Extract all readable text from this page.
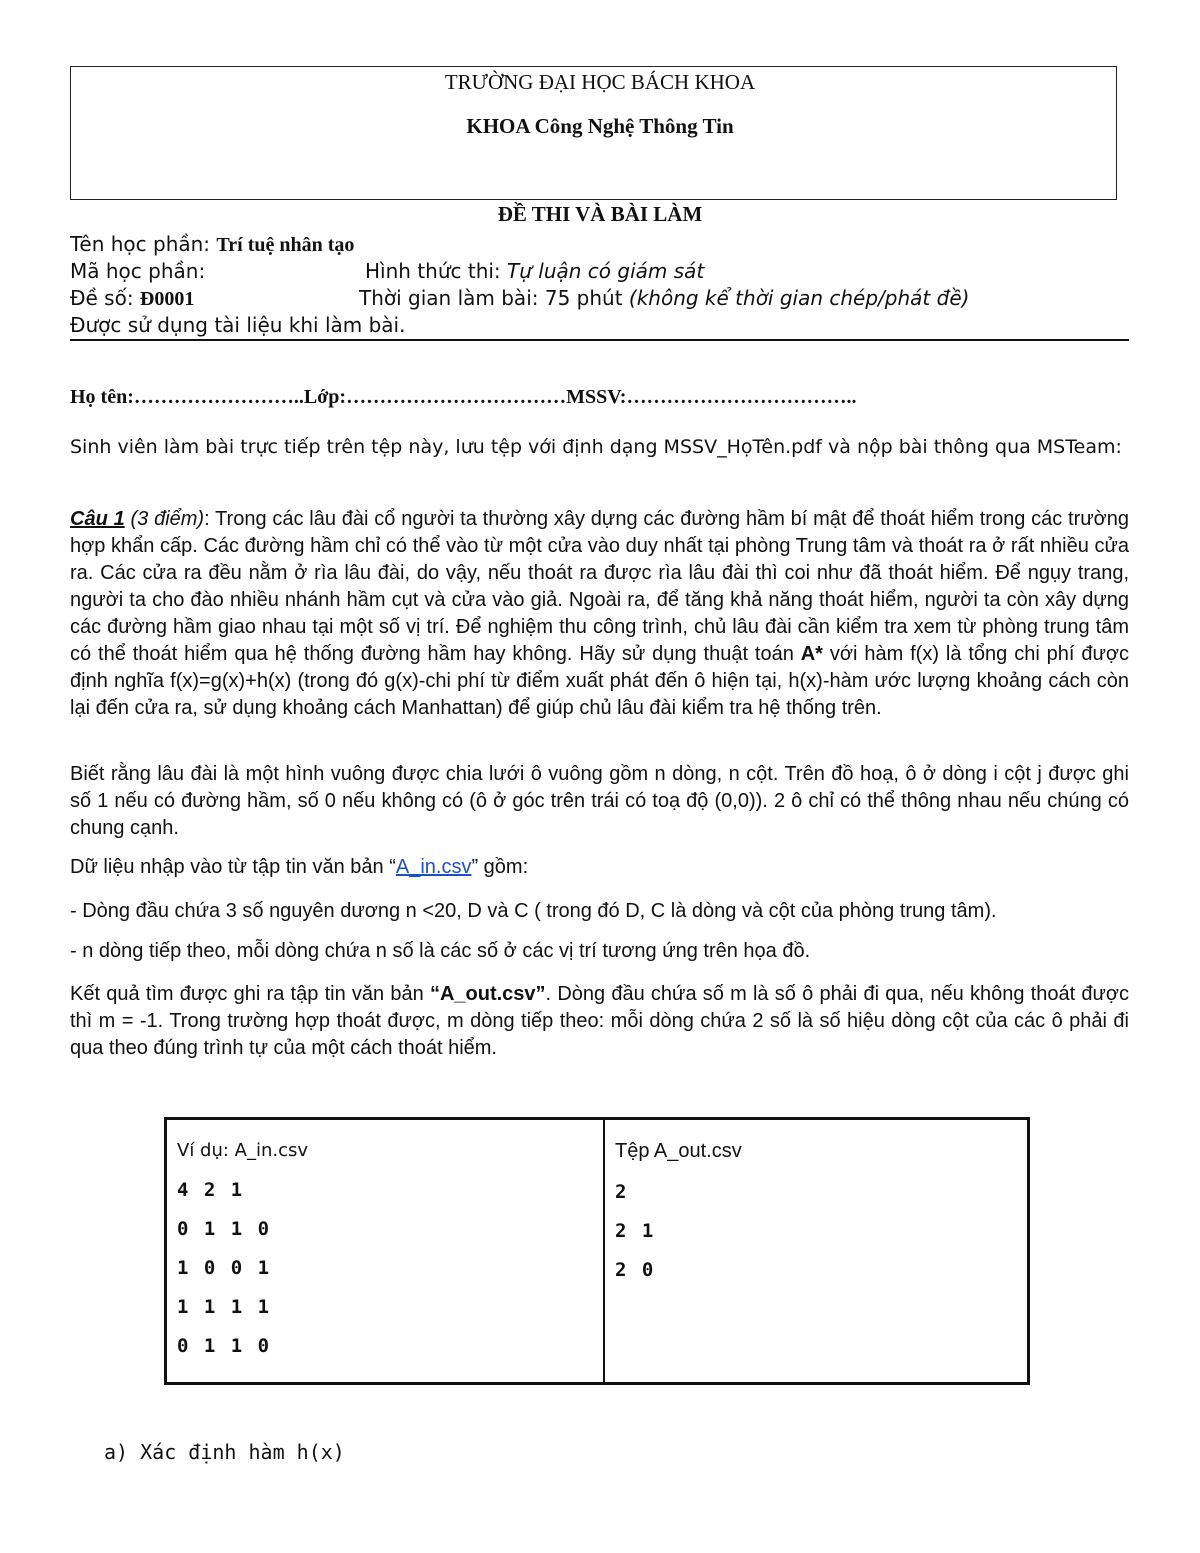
TRƯỜNG ĐẠI HỌC BÁCH KHOA
KHOA Công Nghệ Thông Tin
ĐỀ THI VÀ BÀI LÀM
Tên học phần: Trí tuệ nhân tạo
Mã học phần:	Hình thức thi: Tự luận có giám sát
Đề số: Đ0001	Thời gian làm bài: 75 phút (không kể thời gian chép/phát đề)
Được sử dụng tài liệu khi làm bài.
Họ tên:……………………..Lớp:……………………………MSSV:……………………………..

Sinh viên làm bài trực tiếp trên tệp này, lưu tệp với định dạng MSSV_HọTên.pdf và nộp bài thông qua MSTeam:

Câu 1 (3 điểm): Trong các lâu đài cổ người ta thường xây dựng các đường hầm bí mật để thoát hiểm trong các trường hợp khẩn cấp. Các đường hầm chỉ có thể vào từ một cửa vào duy nhất tại phòng Trung tâm và thoát ra ở rất nhiều cửa ra. Các cửa ra đều nằm ở rìa lâu đài, do vậy, nếu thoát ra được rìa lâu đài thì coi như đã thoát hiểm. Để ngụy trang, người ta cho đào nhiều nhánh hầm cụt và cửa vào giả. Ngoài ra, để tăng khả năng thoát hiểm, người ta còn xây dựng các đường hầm giao nhau tại một số vị trí. Để nghiệm thu công trình, chủ lâu đài cần kiểm tra xem từ phòng trung tâm có thể thoát hiểm qua hệ thống đường hầm hay không. Hãy sử dụng thuật toán A* với hàm f(x) là tổng chi phí được định nghĩa f(x)=g(x)+h(x) (trong đó g(x)-chi phí từ điểm xuất phát đến ô hiện tại, h(x)-hàm ước lượng khoảng cách còn lại đến cửa ra, sử dụng khoảng cách Manhattan) để giúp chủ lâu đài kiểm tra hệ thống trên.

Biết rằng lâu đài là một hình vuông được chia lưới ô vuông gồm n dòng, n cột. Trên đồ hoạ, ô ở dòng i cột j được ghi số 1 nếu có đường hầm, số 0 nếu không có (ô ở góc trên trái có toạ độ (0,0)). 2 ô chỉ có thể thông nhau nếu chúng có chung cạnh.

Dữ liệu nhập vào từ tập tin văn bản “A_in.csv” gồm:

- Dòng đầu chứa 3 số nguyên dương n <20, D và C ( trong đó D, C là dòng và cột của phòng trung tâm).

- n dòng tiếp theo, mỗi dòng chứa n số là các số ở các vị trí tương ứng trên họa đồ.

Kết quả tìm được ghi ra tập tin văn bản “A_out.csv”. Dòng đầu chứa số m là số ô phải đi qua, nếu không thoát được thì m = -1. Trong trường hợp thoát được, m dòng tiếp theo: mỗi dòng chứa 2 số là số hiệu dòng cột của các ô phải đi qua theo đúng trình tự của một cách thoát hiểm.

Ví dụ: A_in.csv
4 2 1
0 1 1 0
1 0 0 1
1 1 1 1
0 1 1 0

Tệp A_out.csv
2
2 1
2 0
a) Xác định hàm h(x)
